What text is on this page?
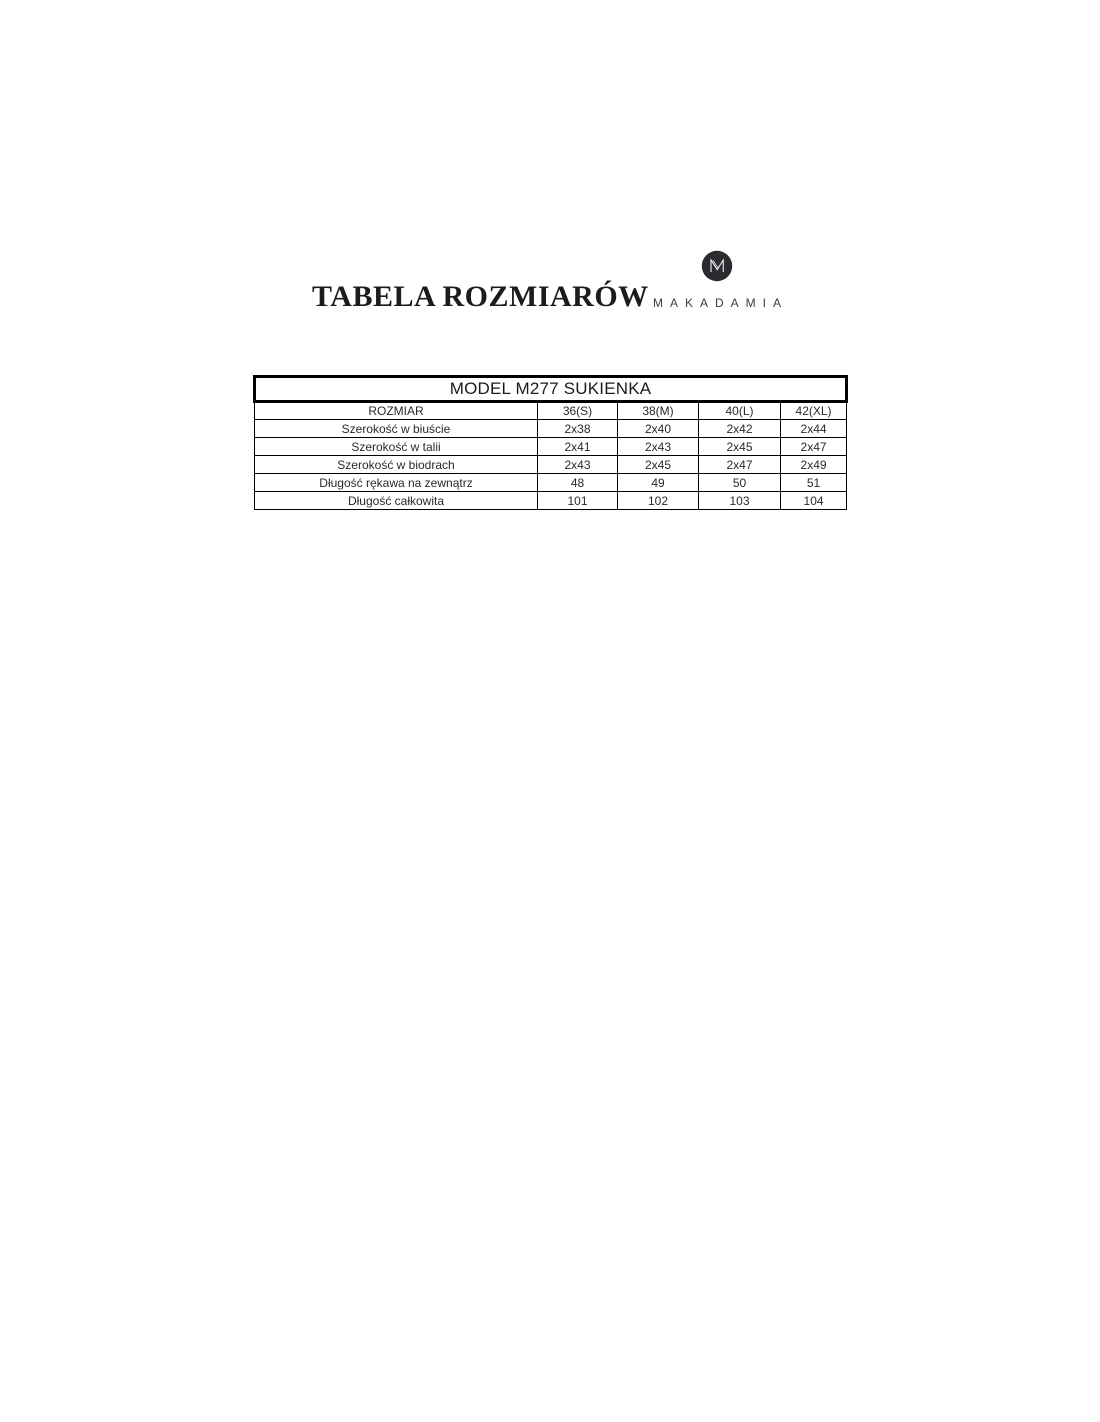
TABELA ROZMIARÓW MAKADAMIA
MODEL M277 SUKIENKA				
ROZMIAR	36(S)	38(M)	40(L)	42(XL)
Szerokość w biuście	2x38	2x40	2x42	2x44
Szerokość w talii	2x41	2x43	2x45	2x47
Szerokość w biodrach	2x43	2x45	2x47	2x49
Długość rękawa na zewnątrz	48	49	50	51
Długość całkowita	101	102	103	104
